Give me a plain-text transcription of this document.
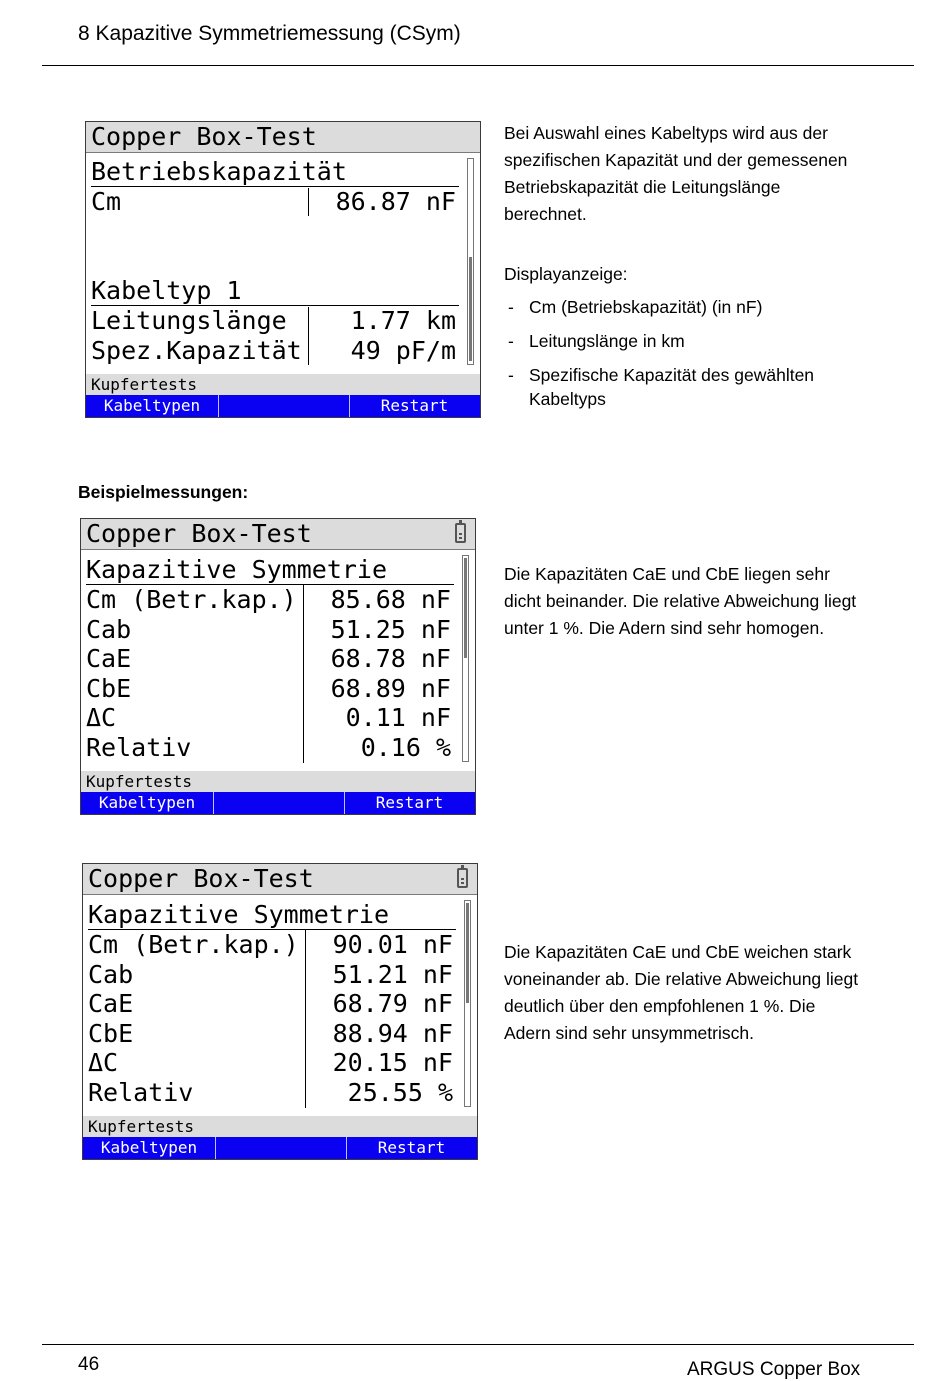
8 Kapazitive Symmetriemessung (CSym)
Copper Box-Test
Betriebskapazität
Cm	86.87 nF
Kabeltyp 1
Leitungslänge	1.77 km
Spez.Kapazität 49 pF/m
Kupfertests
Kabeltypen	Restart

Bei Auswahl eines Kabeltyps wird aus der spezifischen Kapazität und der gemessenen Betriebskapazität die Leitungslänge berechnet.

Displayanzeige:
- Cm (Betriebskapazität) (in nF)
- Leitungslänge in km
- Spezifische Kapazität des gewählten Kabeltyps
Beispielmessungen:
Copper Box-Test
Kapazitive Symmetrie
Cm (Betr.kap.) 85.68 nF
Cab	51.25 nF
CaE	68.78 nF
CbE	68.89 nF
ΔC	0.11 nF
Relativ	0.16 %
Kupfertests
Kabeltypen	Restart

Die Kapazitäten CaE und CbE liegen sehr dicht beinander. Die relative Abweichung liegt unter 1 %. Die Adern sind sehr homogen.

Copper Box-Test
Kapazitive Symmetrie
Cm (Betr.kap.) 90.01 nF
Cab	51.21 nF
CaE	68.79 nF
CbE	88.94 nF
ΔC	20.15 nF
Relativ	25.55 %
Kupfertests
Kabeltypen	Restart

Die Kapazitäten CaE und CbE weichen stark voneinander ab. Die relative Abweichung liegt deutlich über den empfohlenen 1 %. Die Adern sind sehr unsymmetrisch.

46	ARGUS Copper Box
